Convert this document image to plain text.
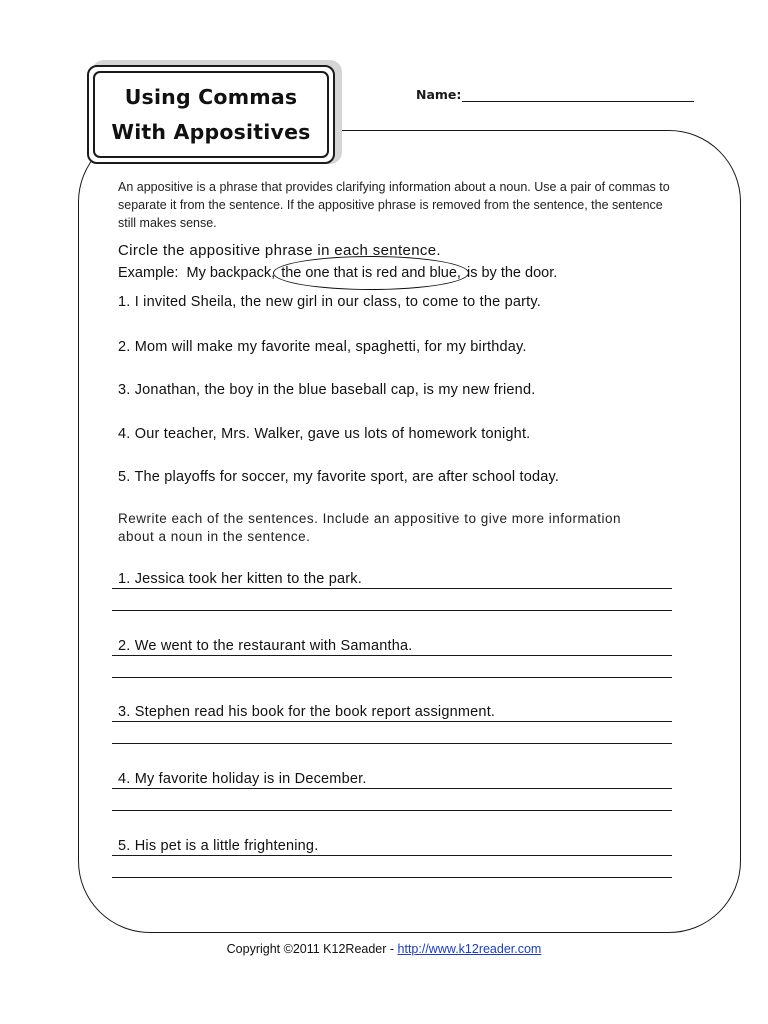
Using Commas
With Appositives
Name:
An appositive is a phrase that provides clarifying information about a noun. Use a pair of commas to separate it from the sentence. If the appositive phrase is removed from the sentence, the sentence still makes sense.
Circle the appositive phrase in each sentence.
Example: My backpack, the one that is red and blue, is by the door.
1. I invited Sheila, the new girl in our class, to come to the party.
2. Mom will make my favorite meal, spaghetti, for my birthday.
3. Jonathan, the boy in the blue baseball cap, is my new friend.
4. Our teacher, Mrs. Walker, gave us lots of homework tonight.
5. The playoffs for soccer, my favorite sport, are after school today.
Rewrite each of the sentences. Include an appositive to give more information about a noun in the sentence.
1. Jessica took her kitten to the park.
2. We went to the restaurant with Samantha.
3. Stephen read his book for the book report assignment.
4. My favorite holiday is in December.
5. His pet is a little frightening.
Copyright ©2011 K12Reader - http://www.k12reader.com
